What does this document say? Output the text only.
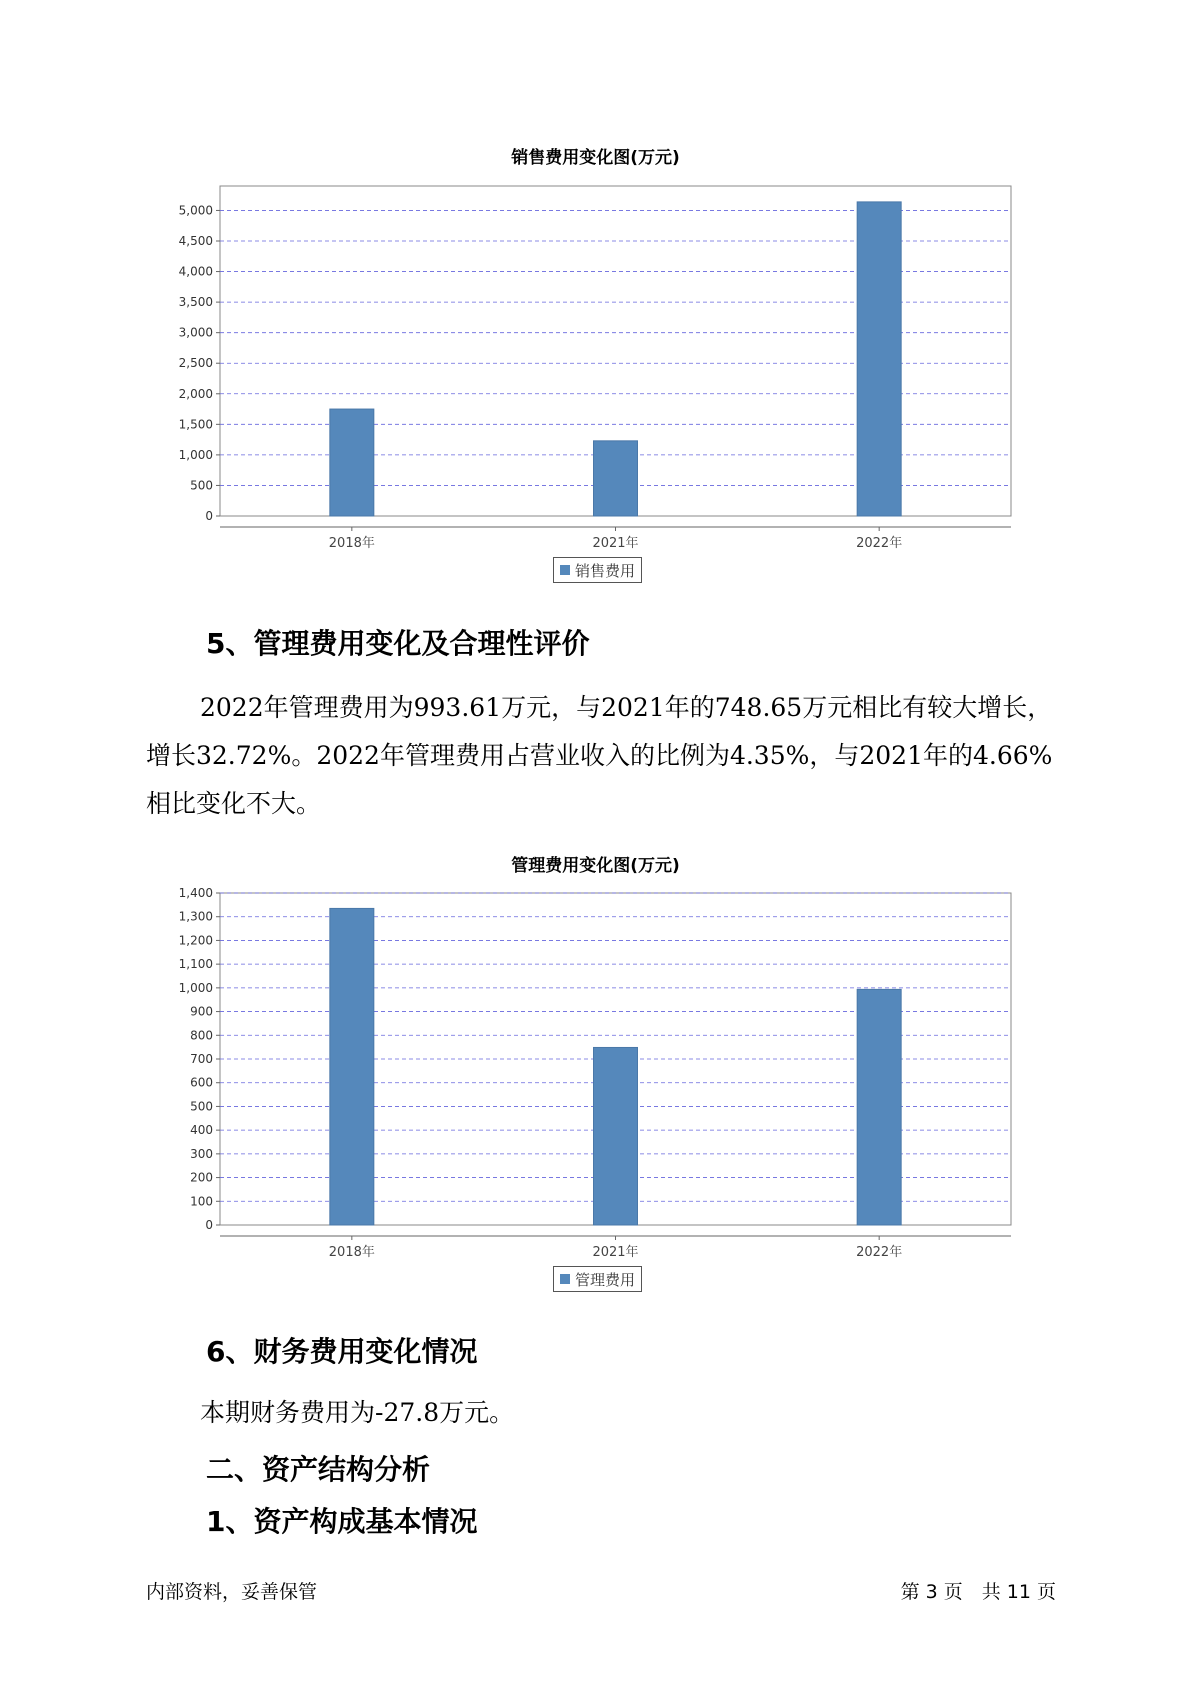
销售费用变化图(万元)
0
500
1,000
1,500
2,000
2,500
3,000
3,500
4,000
4,500
5,000
2018年	2021年	2022年
销售费用
5、管理费用变化及合理性评价

2022年管理费用为993.61万元，与2021年的748.65万元相比有较大增长，增长32.72%。2022年管理费用占营业收入的比例为4.35%，与2021年的4.66%相比变化不大。

管理费用变化图(万元)
0
100
200
300
400
500
600
700
800
900
1,000
1,100
1,200
1,300
1,400
2018年	2021年	2022年
管理费用
6、财务费用变化情况

本期财务费用为-27.8万元。

二、资产结构分析
1、资产构成基本情况
内部资料，妥善保管	第 3 页　共 11 页
